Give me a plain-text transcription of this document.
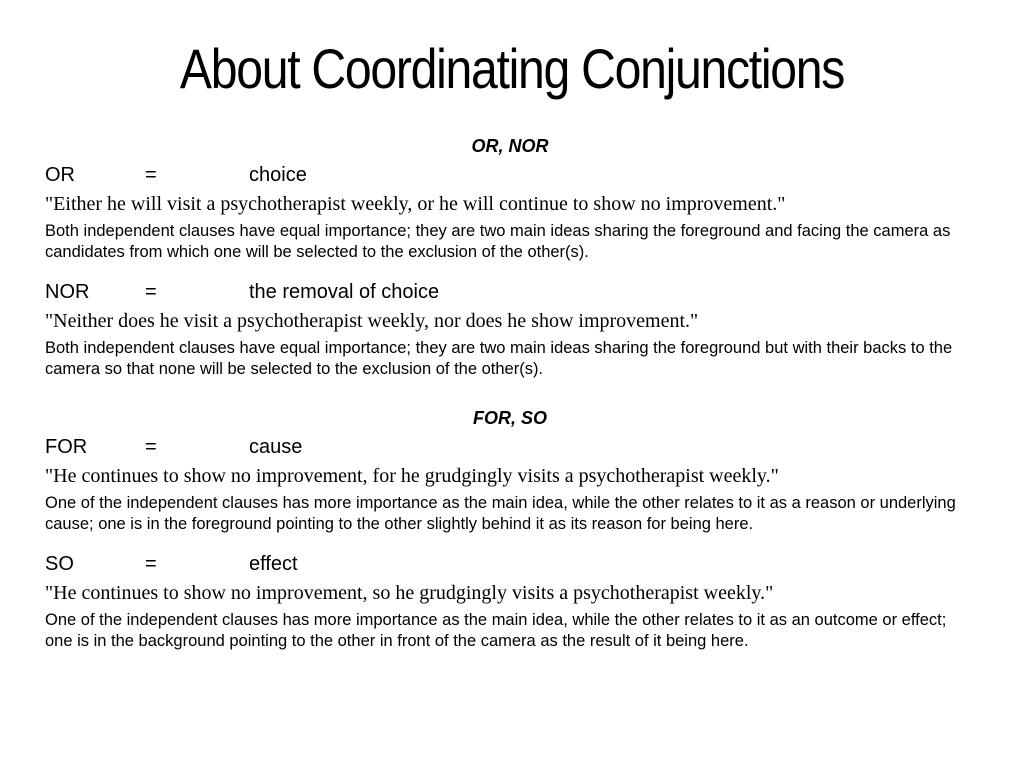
About Coordinating Conjunctions
OR, NOR
OR	=	choice
"Either he will visit a psychotherapist weekly, or he will continue to show no improvement."
Both independent clauses have equal importance; they are two main ideas sharing the foreground and facing the camera as candidates from which one will be selected to the exclusion of the other(s).
NOR	=	the removal of choice
"Neither does he visit a psychotherapist weekly, nor does he show improvement."
Both independent clauses have equal importance; they are two main ideas sharing the foreground but with their backs to the camera so that none will be selected to the exclusion of the other(s).
FOR, SO
FOR	=	cause
"He continues to show no improvement, for he grudgingly visits a psychotherapist weekly."
One of the independent clauses has more importance as the main idea, while the other relates to it as a reason or underlying cause; one is in the foreground pointing to the other slightly behind it as its reason for being here.
SO	=	effect
"He continues to show no improvement, so he grudgingly visits a psychotherapist weekly."
One of the independent clauses has more importance as the main idea, while the other relates to it as an outcome or effect; one is in the background pointing to the other in front of the camera as the result of it being here.
